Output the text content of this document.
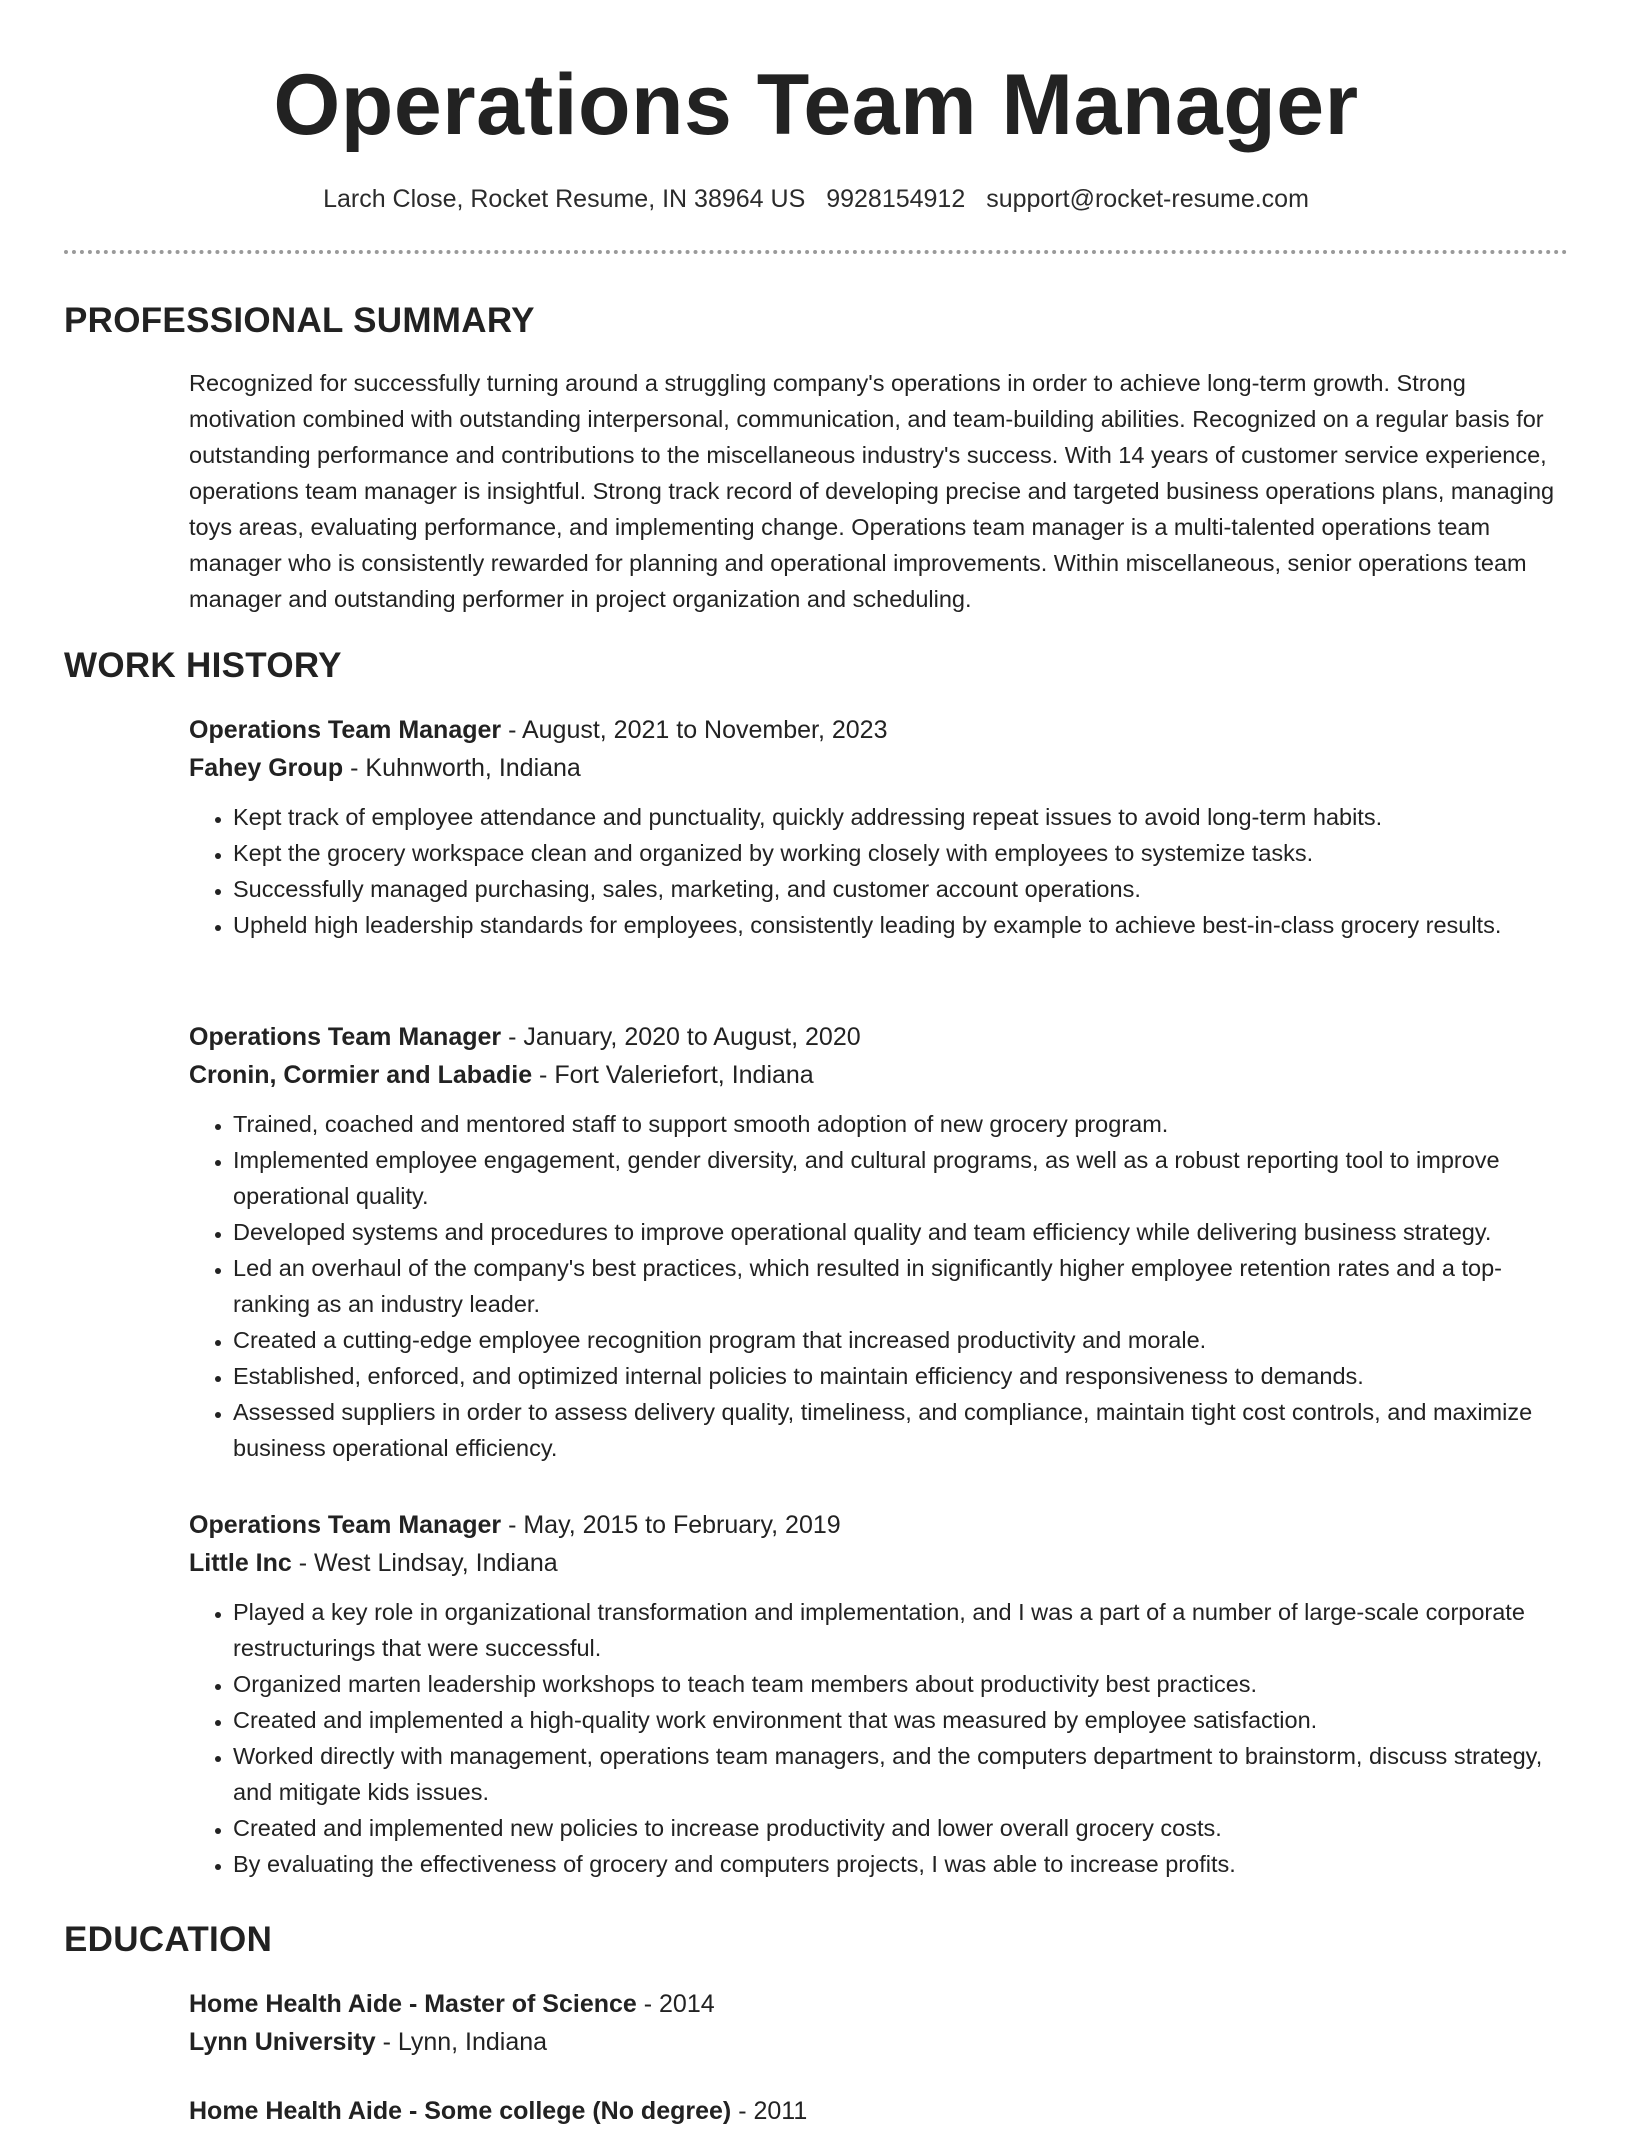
Operations Team Manager
Larch Close, Rocket Resume, IN 38964 US 9928154912 support@rocket-resume.com
PROFESSIONAL SUMMARY

Recognized for successfully turning around a struggling company's operations in order to achieve long-term growth. Strong motivation combined with outstanding interpersonal, communication, and team-building abilities. Recognized on a regular basis for outstanding performance and contributions to the miscellaneous industry's success. With 14 years of customer service experience, operations team manager is insightful. Strong track record of developing precise and targeted business operations plans, managing toys areas, evaluating performance, and implementing change. Operations team manager is a multi-talented operations team manager who is consistently rewarded for planning and operational improvements. Within miscellaneous, senior operations team manager and outstanding performer in project organization and scheduling.

WORK HISTORY
Operations Team Manager - August, 2021 to November, 2023
Fahey Group - Kuhnworth, Indiana
• Kept track of employee attendance and punctuality, quickly addressing repeat issues to avoid long-term habits.
• Kept the grocery workspace clean and organized by working closely with employees to systemize tasks.
• Successfully managed purchasing, sales, marketing, and customer account operations.
• Upheld high leadership standards for employees, consistently leading by example to achieve best-in-class grocery results.
Operations Team Manager - January, 2020 to August, 2020
Cronin, Cormier and Labadie - Fort Valeriefort, Indiana
• Trained, coached and mentored staff to support smooth adoption of new grocery program.
• Implemented employee engagement, gender diversity, and cultural programs, as well as a robust reporting tool to improve operational quality.
• Developed systems and procedures to improve operational quality and team efficiency while delivering business strategy.
• Led an overhaul of the company's best practices, which resulted in significantly higher employee retention rates and a top-ranking as an industry leader.
• Created a cutting-edge employee recognition program that increased productivity and morale.
• Established, enforced, and optimized internal policies to maintain efficiency and responsiveness to demands.
• Assessed suppliers in order to assess delivery quality, timeliness, and compliance, maintain tight cost controls, and maximize business operational efficiency.
Operations Team Manager - May, 2015 to February, 2019
Little Inc - West Lindsay, Indiana
• Played a key role in organizational transformation and implementation, and I was a part of a number of large-scale corporate restructurings that were successful.
• Organized marten leadership workshops to teach team members about productivity best practices.
• Created and implemented a high-quality work environment that was measured by employee satisfaction.
• Worked directly with management, operations team managers, and the computers department to brainstorm, discuss strategy, and mitigate kids issues.
• Created and implemented new policies to increase productivity and lower overall grocery costs.
• By evaluating the effectiveness of grocery and computers projects, I was able to increase profits.
EDUCATION
Home Health Aide - Master of Science - 2014
Lynn University - Lynn, Indiana
Home Health Aide - Some college (No degree) - 2011
